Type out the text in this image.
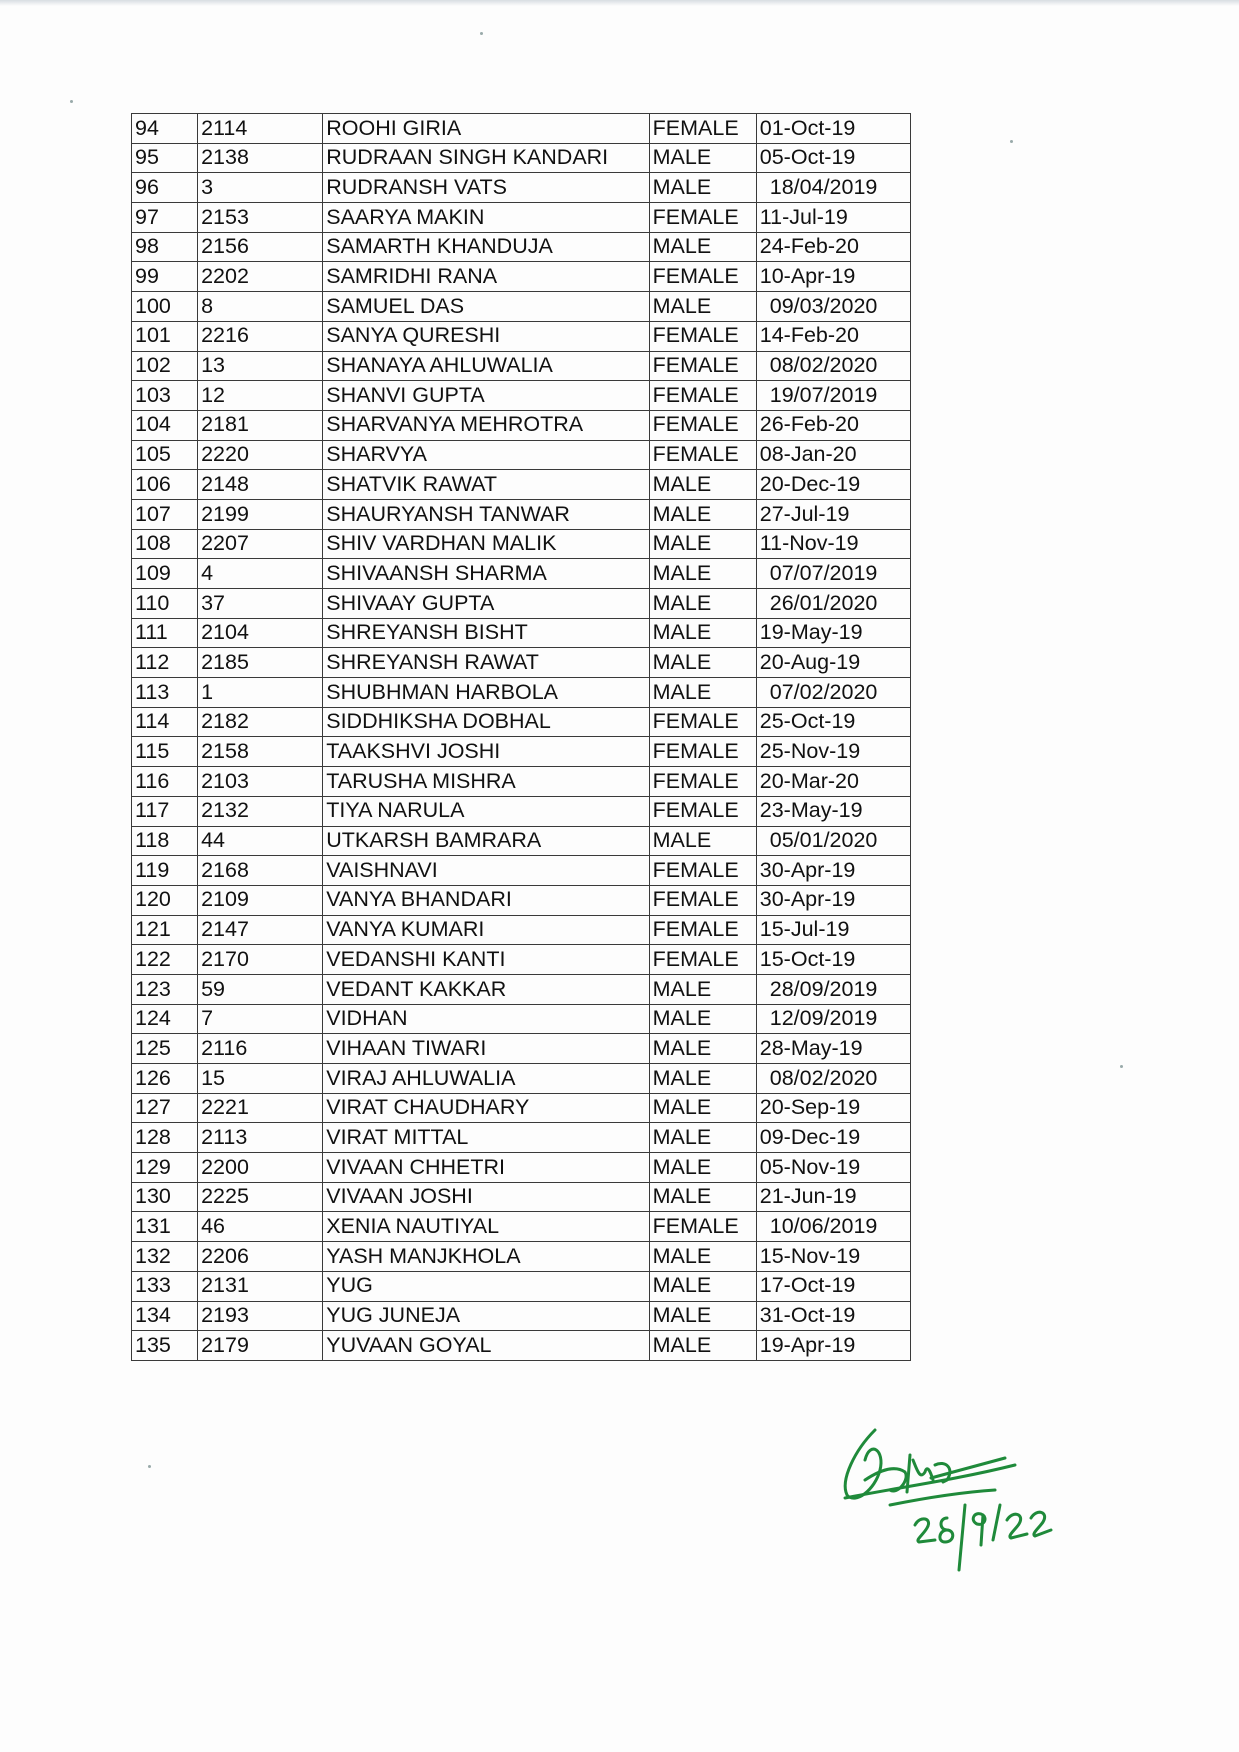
94	2114	ROOHI GIRIA	FEMALE	01-Oct-19
95	2138	RUDRAAN SINGH KANDARI	MALE	05-Oct-19
96	3	RUDRANSH VATS	MALE	18/04/2019
97	2153	SAARYA MAKIN	FEMALE	11-Jul-19
98	2156	SAMARTH KHANDUJA	MALE	24-Feb-20
99	2202	SAMRIDHI RANA	FEMALE	10-Apr-19
100	8	SAMUEL DAS	MALE	09/03/2020
101	2216	SANYA QURESHI	FEMALE	14-Feb-20
102	13	SHANAYA AHLUWALIA	FEMALE	08/02/2020
103	12	SHANVI GUPTA	FEMALE	19/07/2019
104	2181	SHARVANYA MEHROTRA	FEMALE	26-Feb-20
105	2220	SHARVYA	FEMALE	08-Jan-20
106	2148	SHATVIK RAWAT	MALE	20-Dec-19
107	2199	SHAURYANSH TANWAR	MALE	27-Jul-19
108	2207	SHIV VARDHAN MALIK	MALE	11-Nov-19
109	4	SHIVAANSH SHARMA	MALE	07/07/2019
110	37	SHIVAAY GUPTA	MALE	26/01/2020
111	2104	SHREYANSH BISHT	MALE	19-May-19
112	2185	SHREYANSH RAWAT	MALE	20-Aug-19
113	1	SHUBHMAN HARBOLA	MALE	07/02/2020
114	2182	SIDDHIKSHA DOBHAL	FEMALE	25-Oct-19
115	2158	TAAKSHVI JOSHI	FEMALE	25-Nov-19
116	2103	TARUSHA MISHRA	FEMALE	20-Mar-20
117	2132	TIYA NARULA	FEMALE	23-May-19
118	44	UTKARSH BAMRARA	MALE	05/01/2020
119	2168	VAISHNAVI	FEMALE	30-Apr-19
120	2109	VANYA BHANDARI	FEMALE	30-Apr-19
121	2147	VANYA KUMARI	FEMALE	15-Jul-19
122	2170	VEDANSHI KANTI	FEMALE	15-Oct-19
123	59	VEDANT KAKKAR	MALE	28/09/2019
124	7	VIDHAN	MALE	12/09/2019
125	2116	VIHAAN TIWARI	MALE	28-May-19
126	15	VIRAJ AHLUWALIA	MALE	08/02/2020
127	2221	VIRAT CHAUDHARY	MALE	20-Sep-19
128	2113	VIRAT MITTAL	MALE	09-Dec-19
129	2200	VIVAAN CHHETRI	MALE	05-Nov-19
130	2225	VIVAAN JOSHI	MALE	21-Jun-19
131	46	XENIA NAUTIYAL	FEMALE	10/06/2019
132	2206	YASH MANJKHOLA	MALE	15-Nov-19
133	2131	YUG	MALE	17-Oct-19
134	2193	YUG JUNEJA	MALE	31-Oct-19
135	2179	YUVAAN GOYAL	MALE	19-Apr-19
